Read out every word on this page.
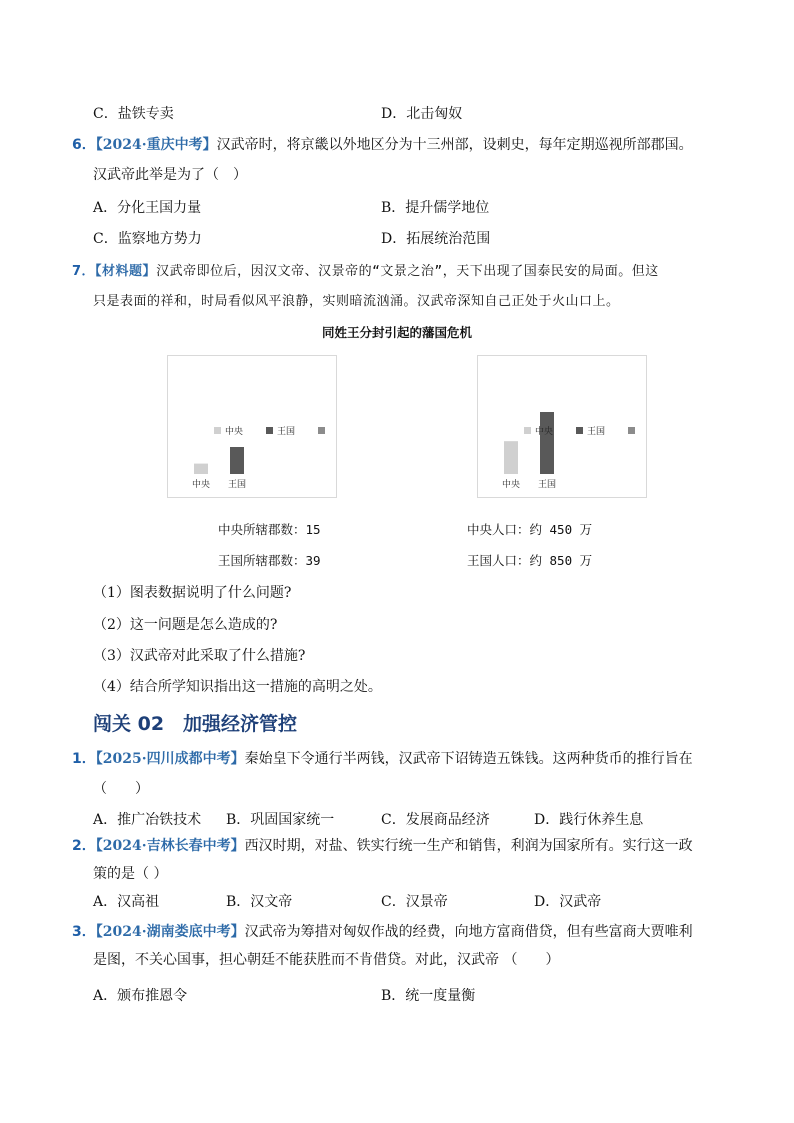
C．盐铁专卖	D．北击匈奴
6．【2024·重庆中考】汉武帝时，将京畿以外地区分为十三州部，设刺史，每年定期巡视所部郡国。
汉武帝此举是为了（　）
A．分化王国力量	B．提升儒学地位
C．监察地方势力	D．拓展统治范围
7．【材料题】汉武帝即位后，因汉文帝、汉景帝的“文景之治”，天下出现了国泰民安的局面。但这
只是表面的祥和，时局看似风平浪静，实则暗流汹涌。汉武帝深知自己正处于火山口上。
同姓王分封引起的藩国危机
中央 王国
中央	王国
中央 王国
中央	王国
中央所辖郡数：15
王国所辖郡数：39
中央人口：约 450 万
王国人口：约 850 万
（1）图表数据说明了什么问题?
（2）这一问题是怎么造成的?
（3）汉武帝对此采取了什么措施?
（4）结合所学知识指出这一措施的高明之处。
闯关 02　加强经济管控
1．【2025·四川成都中考】秦始皇下令通行半两钱，汉武帝下诏铸造五铢钱。这两种货币的推行旨在
（　　）
A．推广冶铁技术 B．巩固国家统一	C．发展商品经济	D．践行休养生息
2．【2024·吉林长春中考】西汉时期，对盐、铁实行统一生产和销售，利润为国家所有。实行这一政
策的是（ ）
A．汉高祖	B．汉文帝	C．汉景帝	D．汉武帝
3．【2024·湖南娄底中考】汉武帝为筹措对匈奴作战的经费，向地方富商借贷，但有些富商大贾唯利
是图，不关心国事，担心朝廷不能获胜而不肯借贷。对此，汉武帝 （　　）
A．颁布推恩令	B．统一度量衡
